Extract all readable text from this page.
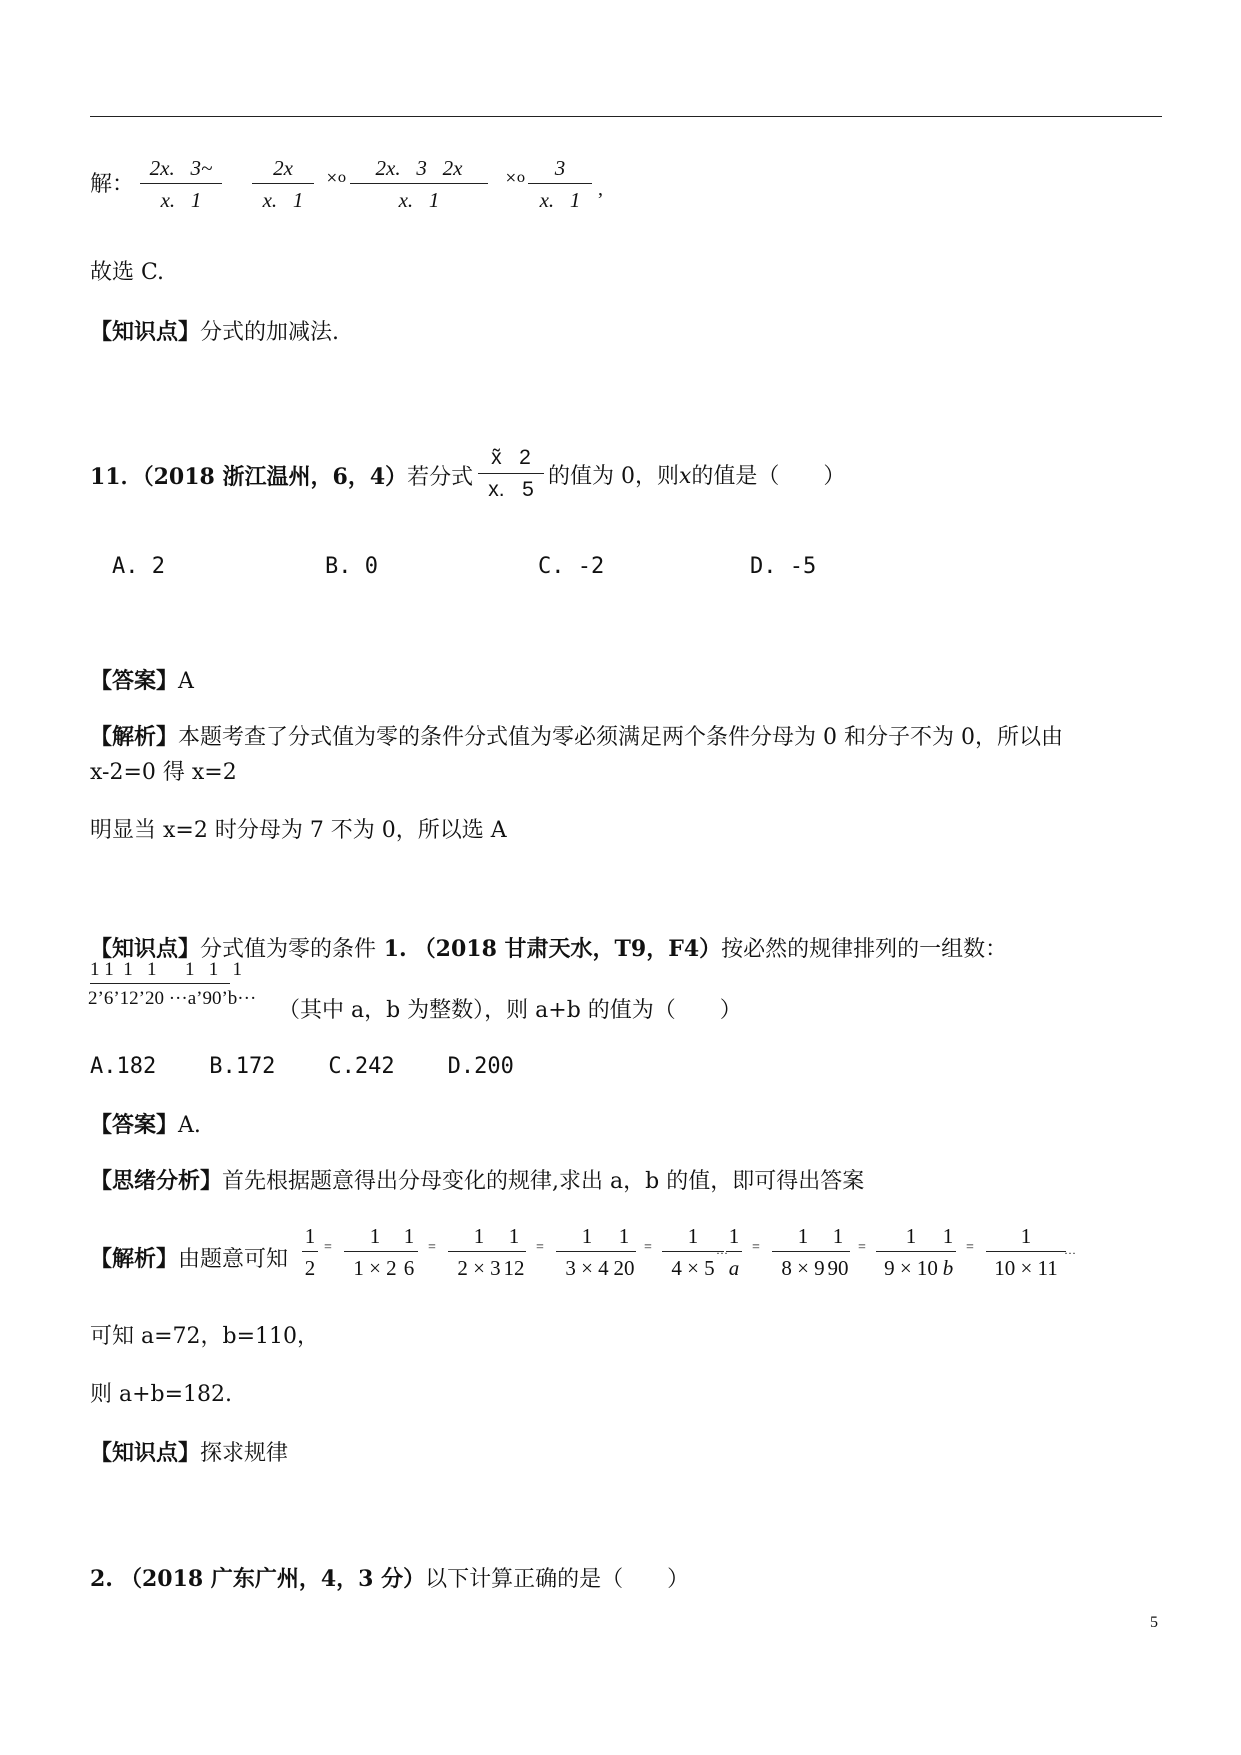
解：
2x.   3~
x.   1
2x
x.   1
×ο	2x.   3   2x
x.   1
×ο	3
x.   1 ,
故选 C.
【知识点】分式的加减法.
11．（2018 浙江温州，6，4）若分式
x̃   2
x.   5
的值为 0，则x的值是（　　）
A. 2	B. 0	C. -2	D. -5
【答案】A
【解析】本题考查了分式值为零的条件分式值为零必须满足两个条件分母为 0 和分子不为 0，所以由
x-2=0 得 x=2
明显当 x=2 时分母为 7 不为 0，所以选 A
【知识点】分式值为零的条件 1. （2018 甘肃天水，T9，F4）按必然的规律排列的一组数：
1 1  1   1      1   1   1
2’6’12’20 ···a’90’b··· （其中 a，b 为整数），则 a+b 的值为（　　）
A.182    B.172    C.242    D.200
【答案】A.
【思绪分析】首先根据题意得出分母变化的规律,求出 a，b 的值，即可得出答案
【解析】由题意可知
1
2
=	1
1 × 2
1
6
=	1
2 × 3
1
12
=	1
3 × 4
1
20
=	1
4 × 5
···
1
a
=	1
8 × 9
1
90
=	1
9 × 10
1
b
=	1
10 × 11
···
可知 a=72，b=110，
则 a+b=182.
【知识点】探求规律
2. （2018 广东广州，4，3 分）以下计算正确的是（　　）
5
